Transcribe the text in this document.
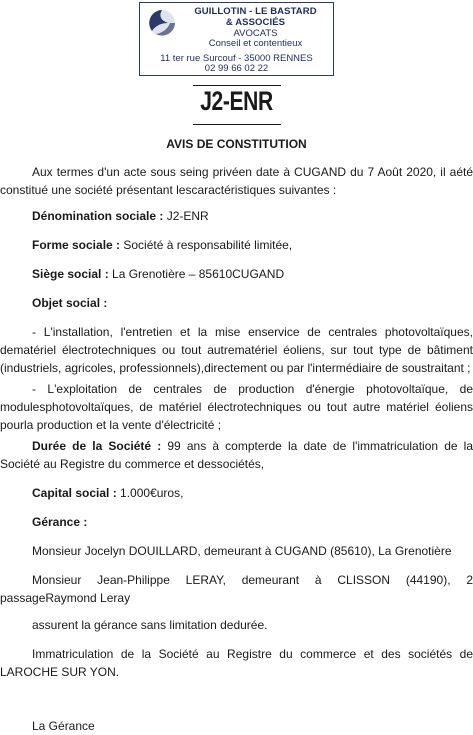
GUILLOTIN - LE BASTARD
& ASSOCIÉS
AVOCATS
Conseil et contentieux
11 ter rue Surcouf - 35000 RENNES
02 99 66 02 22
J2-ENR
AVIS DE CONSTITUTION

Aux termes d'un acte sous seing privéen date à CUGAND du 7 Août 2020, il aété constitué une société présentant lescaractéristiques suivantes :

Dénomination sociale : J2-ENR

Forme sociale : Société à responsabilité limitée,

Siège social : La Grenotière – 85610CUGAND

Objet social :

- L'installation, l'entretien et la mise enservice de centrales photovoltaïques, dematériel électrotechniques ou tout autrematériel éoliens, sur tout type de bâtiment (industriels, agricoles, professionnels),directement ou par l'intermédiaire de soustraitant ;

- L'exploitation de centrales de production d'énergie photovoltaïque, de modulesphotovoltaïques, de matériel électrotechniques ou tout autre matériel éoliens pourla production et la vente d'électricité ;

Durée de la Société : 99 ans à compterde la date de l'immatriculation de la Société au Registre du commerce et dessociétés,

Capital social : 1.000€uros,

Gérance :

Monsieur Jocelyn DOUILLARD, demeurant à CUGAND (85610), La Grenotière

Monsieur Jean-Philippe LERAY, demeurant à CLISSON (44190), 2 passageRaymond Leray

assurent la gérance sans limitation dedurée.

Immatriculation de la Société au Registre du commerce et des sociétés de LAROCHE SUR YON.

La Gérance
